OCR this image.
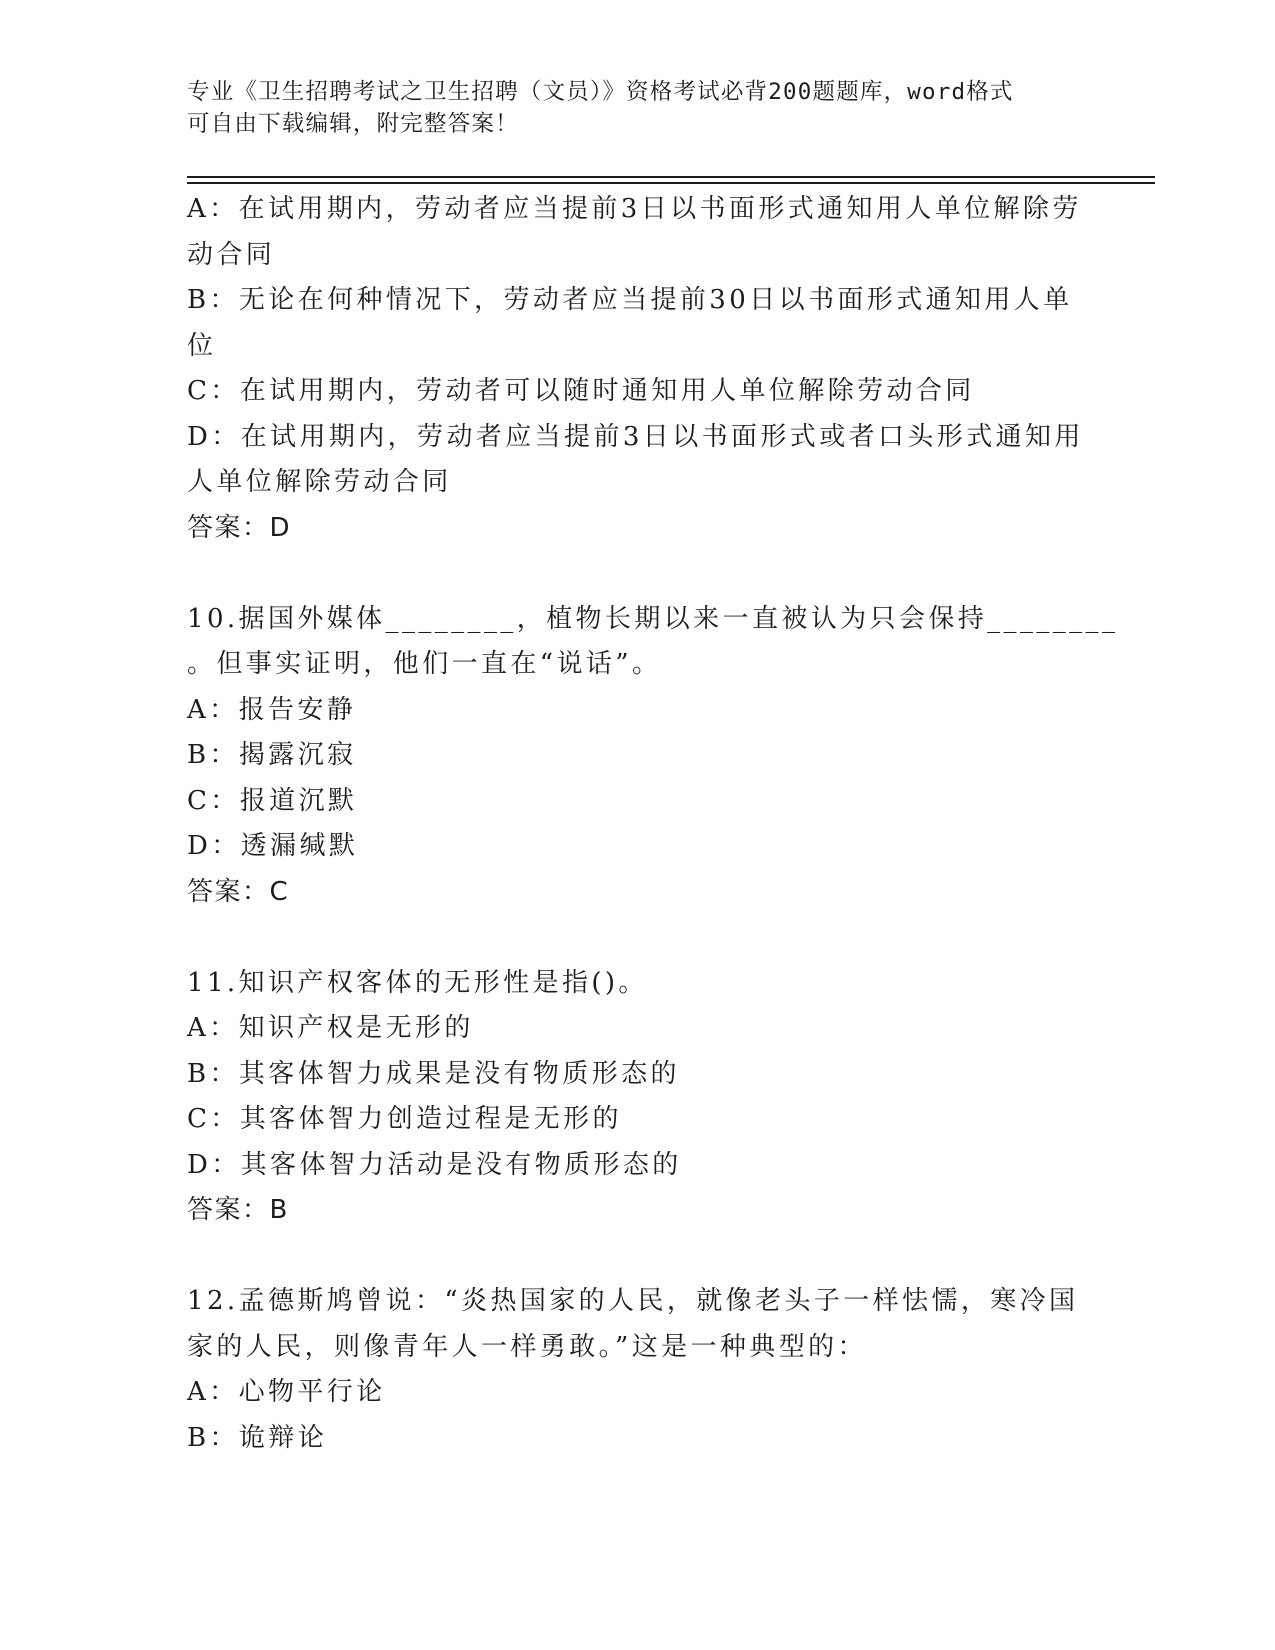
专业《卫生招聘考试之卫生招聘（文员）》资格考试必背200题题库，word格式
可自由下载编辑，附完整答案！
A：在试用期内，劳动者应当提前3日以书面形式通知用人单位解除劳
动合同
B：无论在何种情况下，劳动者应当提前30日以书面形式通知用人单
位
C：在试用期内，劳动者可以随时通知用人单位解除劳动合同
D：在试用期内，劳动者应当提前3日以书面形式或者口头形式通知用
人单位解除劳动合同
答案：D
10.据国外媒体________，植物长期以来一直被认为只会保持________
。但事实证明，他们一直在“说话”。
A：报告安静
B：揭露沉寂
C：报道沉默
D：透漏缄默
答案：C
11.知识产权客体的无形性是指()。
A：知识产权是无形的
B：其客体智力成果是没有物质形态的
C：其客体智力创造过程是无形的
D：其客体智力活动是没有物质形态的
答案：B
12.孟德斯鸠曾说：“炎热国家的人民，就像老头子一样怯懦，寒冷国
家的人民，则像青年人一样勇敢。”这是一种典型的：
A：心物平行论
B：诡辩论
